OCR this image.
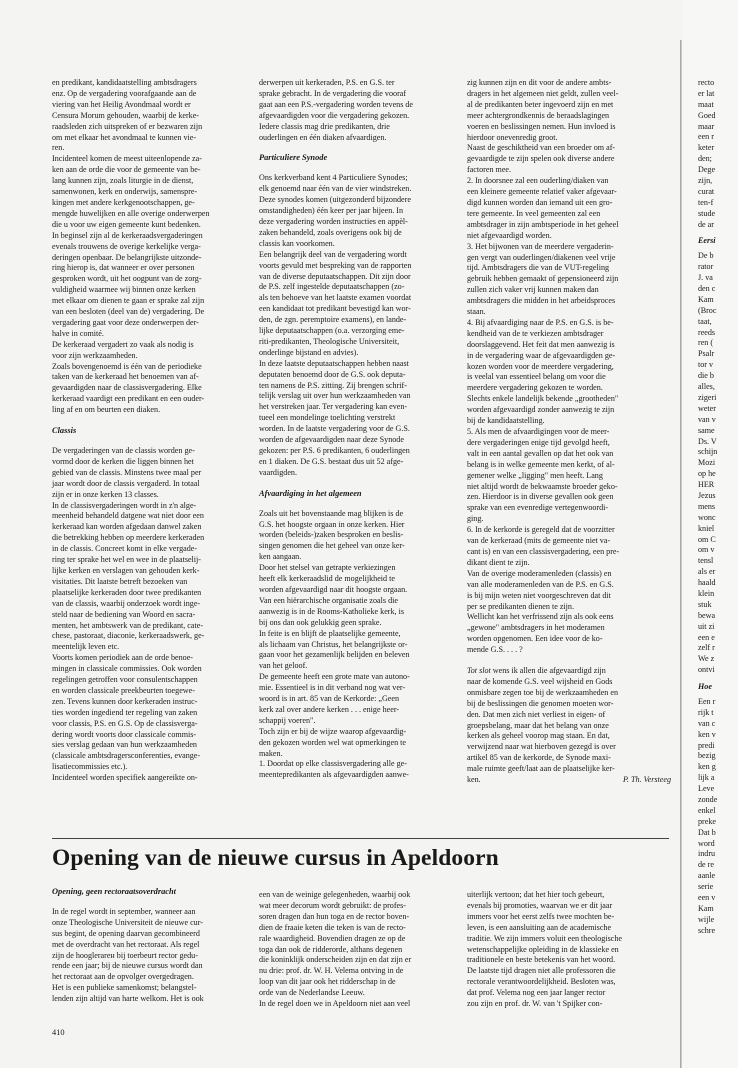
en predikant, kandidaatstelling ambtsdragers
enz. Op de vergadering voorafgaande aan de
viering van het Heilig Avondmaal wordt er
Censura Morum gehouden, waarbij de kerke-
raadsleden zich uitspreken of er bezwaren zijn
om met elkaar het avondmaal te kunnen vie-
ren.

Incidenteel komen de meest uiteenlopende za-
ken aan de orde die voor de gemeente van be-
lang kunnen zijn, zoals liturgie in de dienst,
samenwonen, kerk en onderwijs, samenspre-
kingen met andere kerkgenootschappen, ge-
mengde huwelijken en alle overige onderwerpen
die u voor uw eigen gemeente kunt bedenken.

In beginsel zijn al de kerkeraadsvergaderingen
evenals trouwens de overige kerkelijke verga-
deringen openbaar. De belangrijkste uitzonde-
ring hierop is, dat wanneer er over personen
gesproken wordt, uit het oogpunt van de zorg-
vuldigheid waarmee wij binnen onze kerken
met elkaar om dienen te gaan er sprake zal zijn
van een besloten (deel van de) vergadering. De
vergadering gaat voor deze onderwerpen der-
halve in comité.

De kerkeraad vergadert zo vaak als nodig is
voor zijn werkzaamheden.

Zoals bovengenoemd is één van de periodieke
taken van de kerkeraad het benoemen van af-
gevaardigden naar de classisvergadering. Elke
kerkeraad vaardigt een predikant en een ouder-
ling af en om beurten een diaken.

Classis

De vergaderingen van de classis worden ge-
vormd door de kerken die liggen binnen het
gebied van de classis. Minstens twee maal per
jaar wordt door de classis vergaderd. In totaal
zijn er in onze kerken 13 classes.

In de classisvergaderingen wordt in z'n alge-
meenheid behandeld datgene wat niet door een
kerkeraad kan worden afgedaan danwel zaken
die betrekking hebben op meerdere kerkeraden
in de classis. Concreet komt in elke vergade-
ring ter sprake het wel en wee in de plaatselij-
lijke kerken en verslagen van gehouden kerk-
visitaties. Dit laatste betreft bezoeken van
plaatselijke kerkeraden door twee predikanten
van de classis, waarbij onderzoek wordt inge-
steld naar de bediening van Woord en sacra-
menten, het ambtswerk van de predikant, cate-
chese, pastoraat, diaconie, kerkeraadswerk, ge-
meentelijk leven etc.

Voorts komen periodiek aan de orde benoe-
mingen in classicale commissies. Ook worden
regelingen getroffen voor consulentschappen
en worden classicale preekbeurten toegewe-
zen. Tevens kunnen door kerkeraden instruc-
ties worden ingediend ter regeling van zaken
voor classis, P.S. en G.S. Op de classisverga-
dering wordt voorts door classicale commis-
sies verslag gedaan van hun werkzaamheden
(classicale ambtsdragersconferenties, evange-
lisatiecommissies etc.).

Incidenteel worden specifiek aangereikte on-

derwerpen uit kerkeraden, P.S. en G.S. ter
sprake gebracht. In de vergadering die vooraf
gaat aan een P.S.-vergadering worden tevens de
afgevaardigden voor die vergadering gekozen.
Iedere classis mag drie predikanten, drie
ouderlingen en één diaken afvaardigen.

Particuliere Synode

Ons kerkverband kent 4 Particuliere Synodes;
elk genoemd naar één van de vier windstreken.
Deze synodes komen (uitgezonderd bijzondere
omstandigheden) één keer per jaar bijeen. In
deze vergadering worden instructies en appèl-
zaken behandeld, zoals overigens ook bij de
classis kan voorkomen.

Een belangrijk deel van de vergadering wordt
voorts gevuld met bespreking van de rapporten
van de diverse deputaatschappen. Dit zijn door
de P.S. zelf ingestelde deputaatschappen (zo-
als ten behoeve van het laatste examen voordat
een kandidaat tot predikant bevestigd kan wor-
den, de zgn. peremptoire examens), en lande-
lijke deputaatschappen (o.a. verzorging eme-
riti-predikanten, Theologische Universiteit,
onderlinge bijstand en advies).

In deze laatste deputaatschappen hebben naast
deputaten benoemd door de G.S. ook deputa-
ten namens de P.S. zitting. Zij brengen schrif-
telijk verslag uit over hun werkzaamheden van
het verstreken jaar. Ter vergadering kan even-
tueel een mondelinge toelichting verstrekt
worden. In de laatste vergadering voor de G.S.
worden de afgevaardigden naar deze Synode
gekozen: per P.S. 6 predikanten, 6 ouderlingen
en 1 diaken. De G.S. bestaat dus uit 52 afge-
vaardigden.

Afvaardiging in het algemeen

Zoals uit het bovenstaande mag blijken is de
G.S. het hoogste orgaan in onze kerken. Hier
worden (beleids-)zaken besproken en beslis-
singen genomen die het geheel van onze ker-
ken aangaan.

Door het stelsel van getrapte verkiezingen
heeft elk kerkeraadslid de mogelijkheid te
worden afgevaardigd naar dit hoogste orgaan.
Van een hiërarchische organisatie zoals die
aanwezig is in de Rooms-Katholieke kerk, is
bij ons dan ook gelukkig geen sprake.

In feite is en blijft de plaatselijke gemeente,
als lichaam van Christus, het belangrijkste or-
gaan voor het gezamenlijk belijden en beleven
van het geloof.

De gemeente heeft een grote mate van autono-
mie. Essentieel is in dit verband nog wat ver-
woord is in art. 85 van de Kerkorde: „Geen
kerk zal over andere kerken . . . enige heer-
schappij voeren".

Toch zijn er bij de wijze waarop afgevaardig-
den gekozen worden wel wat opmerkingen te
maken.

1. Doordat op elke classisvergadering alle ge-
meentepredikanten als afgevaardigden aanwe-

zig kunnen zijn en dit voor de andere ambts-
dragers in het algemeen niet geldt, zullen veel-
al de predikanten beter ingevoerd zijn en met
meer achtergrondkennis de beraadslagingen
voeren en beslissingen nemen. Hun invloed is
hierdoor onevenredig groot.

Naast de geschiktheid van een broeder om af-
gevaardigde te zijn spelen ook diverse andere
factoren mee.

2. In doorsnee zal een ouderling/diaken van
een kleinere gemeente relatief vaker afgevaar-
digd kunnen worden dan iemand uit een gro-
tere gemeente. In veel gemeenten zal een
ambtsdrager in zijn ambtsperiode in het geheel
niet afgevaardigd worden.

3. Het bijwonen van de meerdere vergaderin-
gen vergt van ouderlingen/diakenen veel vrije
tijd. Ambtsdragers die van de VUT-regeling
gebruik hebben gemaakt of gepensioneerd zijn
zullen zich vaker vrij kunnen maken dan
ambtsdragers die midden in het arbeidsproces
staan.

4. Bij afvaardiging naar de P.S. en G.S. is be-
kendheid van de te verkiezen ambtsdrager
doorslaggevend. Het feit dat men aanwezig is
in de vergadering waar de afgevaardigden ge-
kozen worden voor de meerdere vergadering,
is veelal van essentieel belang om voor die
meerdere vergadering gekozen te worden.
Slechts enkele landelijk bekende „grootheden"
worden afgevaardigd zonder aanwezig te zijn
bij de kandidaatstelling.

5. Als men de afvaardigingen voor de meer-
dere vergaderingen enige tijd gevolgd heeft,
valt in een aantal gevallen op dat het ook van
belang is in welke gemeente men kerkt, of al-
gemener welke „ligging" men heeft. Lang
niet altijd wordt de bekwaamste broeder geko-
zen. Hierdoor is in diverse gevallen ook geen
sprake van een evenredige vertegenwoordi-
ging.

6. In de kerkorde is geregeld dat de voorzitter
van de kerkeraad (mits de gemeente niet va-
cant is) en van een classisvergadering, een pre-
dikant dient te zijn.

Van de overige moderamenleden (classis) en
van alle moderamenleden van de P.S. en G.S.
is bij mijn weten niet voorgeschreven dat dit
per se predikanten dienen te zijn.

Wellicht kan het verfrissend zijn als ook eens
„gewone" ambtsdragers in het moderamen
worden opgenomen. Een idee voor de ko-
mende G.S. . . . ?

Tot slot wens ik allen die afgevaardigd zijn
naar de komende G.S. veel wijsheid en Gods
onmisbare zegen toe bij de werkzaamheden en
bij de beslissingen die genomen moeten wor-
den. Dat men zich niet verliest in eigen- of
groepsbelang, maar dat het belang van onze
kerken als geheel voorop mag staan. En dat,
verwijzend naar wat hierboven gezegd is over
artikel 85 van de kerkorde, de Synode maxi-
male ruimte geeft/laat aan de plaatselijke ker-
ken.	P. Th. Versteeg

Opening van de nieuwe cursus in Apeldoorn
Opening, geen rectoraatsoverdracht

In de regel wordt in september, wanneer aan
onze Theologische Universiteit de nieuwe cur-
sus begint, de opening daarvan gecombineerd
met de overdracht van het rectoraat. Als regel
zijn de hooglerarен bij toerbeurt rector gedu-
rende een jaar; bij de nieuwe cursus wordt dan
het rectoraat aan de opvolger overgedragen.
Het is een publieke samenkomst; belangstel-
lenden zijn altijd van harte welkom. Het is ook

een van de weinige gelegenheden, waarbij ook
wat meer decorum wordt gebruikt: de profes-
soren dragen dan hun toga en de rector boven-
dien de fraaie keten die teken is van de recto-
rale waardigheid. Bovendien dragen ze op de
toga dan ook de ridderorde, althans degenen
die koninklijk onderscheiden zijn en dat zijn er
nu drie: prof. dr. W. H. Velema ontving in de
loop van dit jaar ook het ridderschap in de
orde van de Nederlandse Leeuw.
In de regel doen we in Apeldoorn niet aan veel

uiterlijk vertoon; dat het hier toch gebeurt,
evenals bij promoties, waarvan we er dit jaar
immers voor het eerst zelfs twee mochten be-
leven, is een aansluiting aan de academische
traditie. We zijn immers voluit een theologische
wetenschappelijke opleiding in de klassieke en
traditionele en beste betekenis van het woord.
De laatste tijd dragen niet alle professoren die
rectorale verantwoordelijkheid. Besloten was,
dat prof. Velema nog een jaar langer rector
zou zijn en prof. dr. W. van 't Spijker con-

410
recto
er lat
maat
Goed
maar
een r
keter
den;
Dege
zijn,
curat
ten-f
stude
de ar
Eersi
De b
rator
J. va
den c
Kam
(Broc
taat,
reeds
ren (
Psalr
tor v
die b
alles,
zigeri
weter
van v
same
Ds. V
schijn
Mozi
op he
HER
Jezus
mens
wonc
kniel
om C
om v
tensl
als er
haald
klein
stuk
bewa
uit zi
een e
zelf r
We z
ontvi
Hoe
Een r
rijk t
van c
ken v
predi
bezig
ken g
lijk a
Leve
zonde
enkel
preke
Dat b
word
indru
de re
aanle
serie
een v
Kam
wijle
schre
